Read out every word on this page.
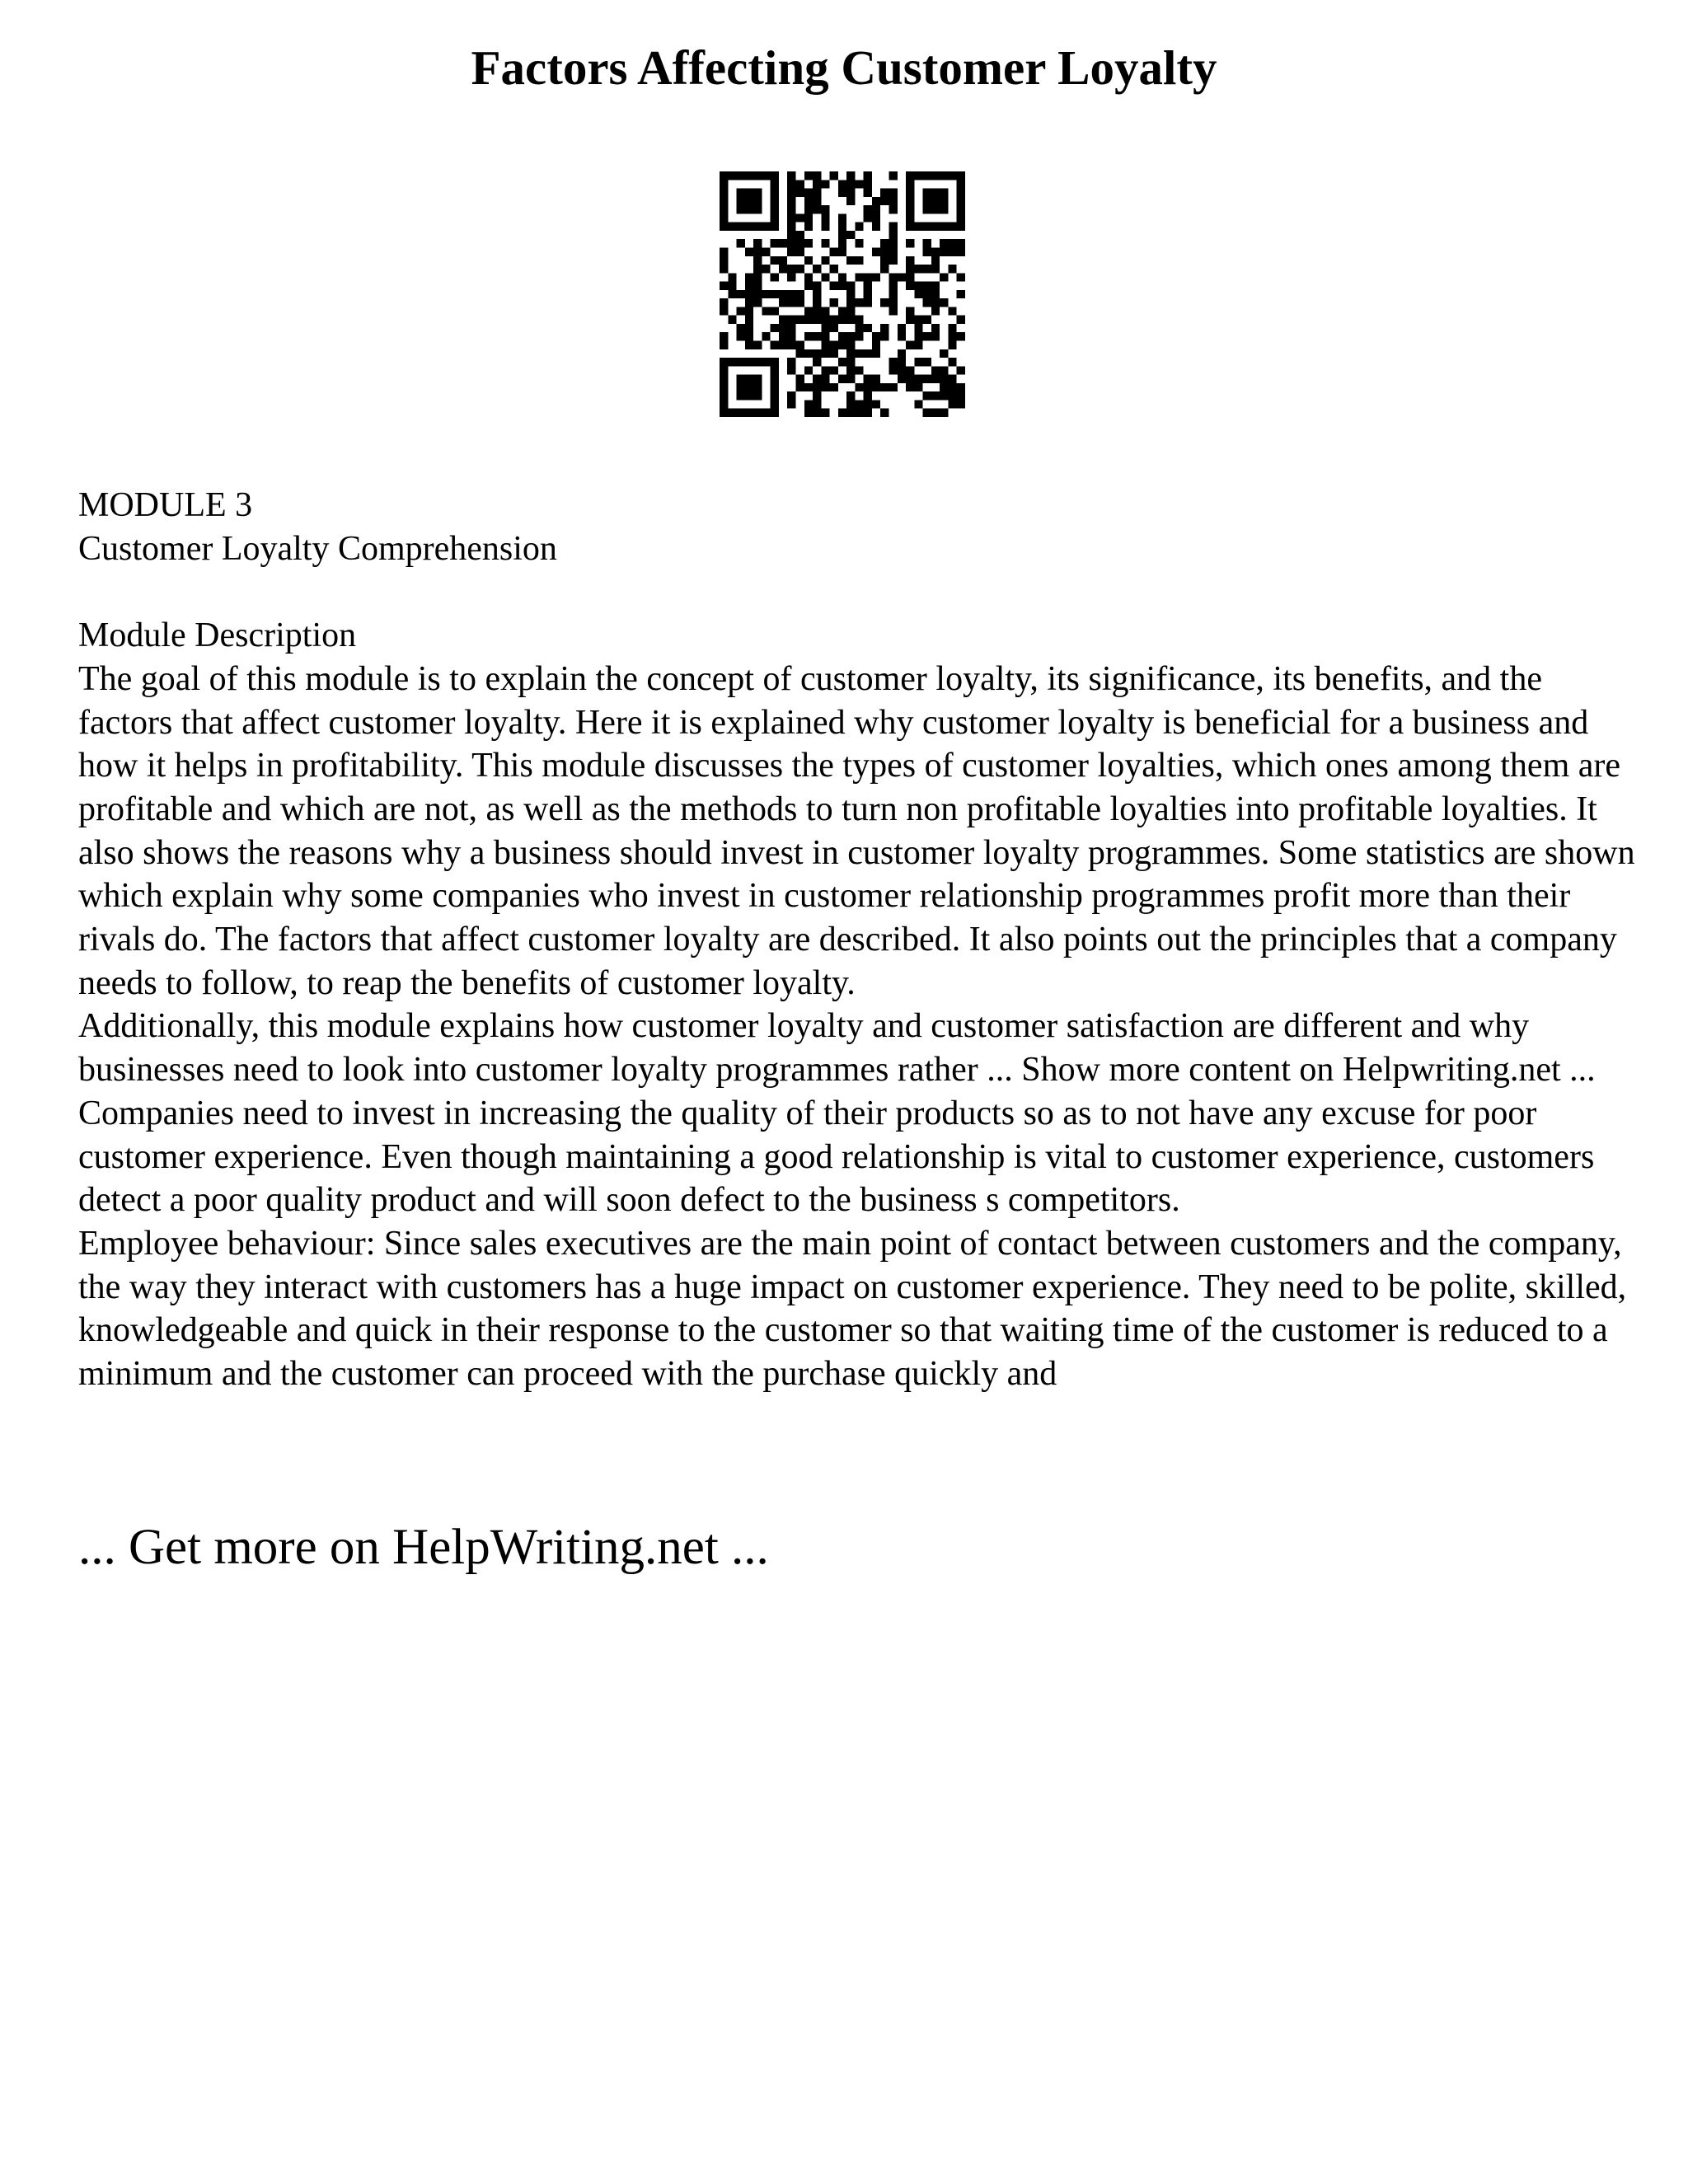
Factors Affecting Customer Loyalty

MODULE 3

Customer Loyalty Comprehension

Module Description

The goal of this module is to explain the concept of customer loyalty, its significance, its benefits, and the factors that affect customer loyalty. Here it is explained why customer loyalty is beneficial for a business and how it helps in profitability. This module discusses the types of customer loyalties, which ones among them are profitable and which are not, as well as the methods to turn non profitable loyalties into profitable loyalties. It also shows the reasons why a business should invest in customer loyalty programmes. Some statistics are shown which explain why some companies who invest in customer relationship programmes profit more than their rivals do. The factors that affect customer loyalty are described. It also points out the principles that a company needs to follow, to reap the benefits of customer loyalty.

Additionally, this module explains how customer loyalty and customer satisfaction are different and why businesses need to look into customer loyalty programmes rather ... Show more content on Helpwriting.net ...

Companies need to invest in increasing the quality of their products so as to not have any excuse for poor customer experience. Even though maintaining a good relationship is vital to customer experience, customers detect a poor quality product and will soon defect to the business s competitors.

Employee behaviour: Since sales executives are the main point of contact between customers and the company, the way they interact with customers has a huge impact on customer experience. They need to be polite, skilled, knowledgeable and quick in their response to the customer so that waiting time of the customer is reduced to a minimum and the customer can proceed with the purchase quickly and

... Get more on HelpWriting.net ...
